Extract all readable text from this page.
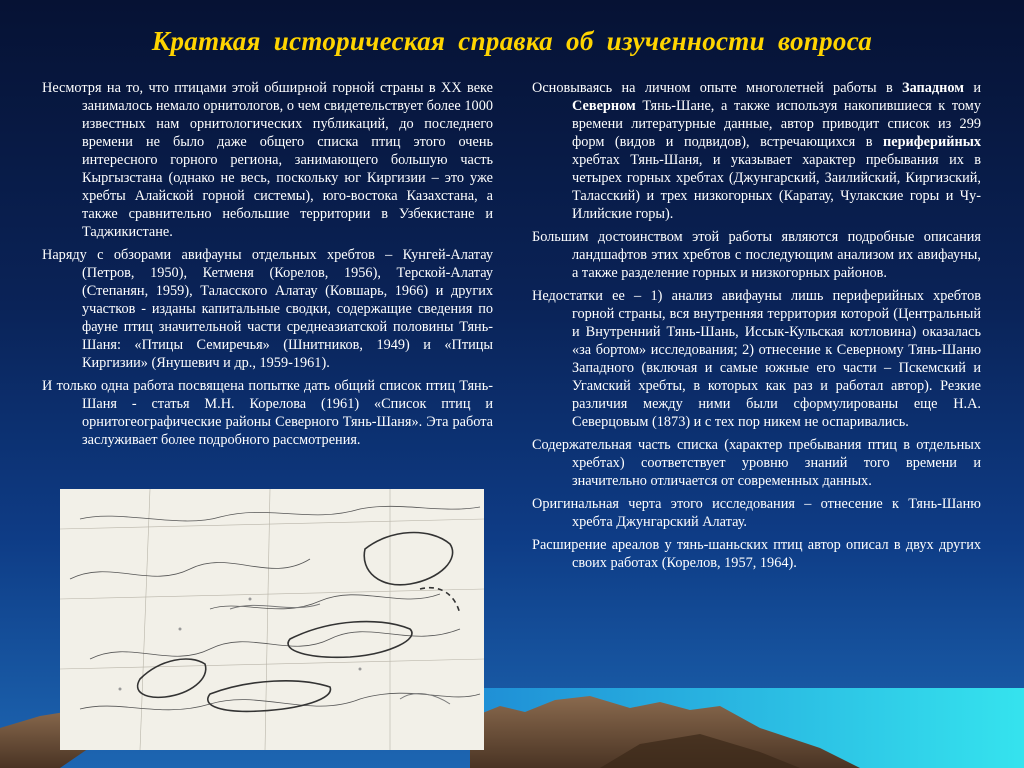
Краткая историческая справка об изученности вопроса

Несмотря на то, что птицами этой обширной горной страны в XX веке занималось немало орнитологов, о чем свидетельствует более 1000 известных нам орнитологических публикаций, до последнего времени не было даже общего списка птиц этого очень интересного горного региона, занимающего большую часть Кыргызстана (однако не весь, поскольку юг Киргизии – это уже хребты Алайской горной системы), юго-востока Казахстана, а также сравнительно небольшие территории в Узбекистане и Таджикистане.

Наряду с обзорами авифауны отдельных хребтов – Кунгей-Алатау (Петров, 1950), Кетменя (Корелов, 1956), Терской-Алатау (Степанян, 1959), Таласского Алатау (Ковшарь, 1966) и других участков - изданы капитальные сводки, содержащие сведения по фауне птиц значительной части среднеазиатской половины Тянь-Шаня: «Птицы Семиречья» (Шнитников, 1949) и «Птицы Киргизии» (Янушевич и др., 1959-1961).

И только одна работа посвящена попытке дать общий список птиц Тянь-Шаня - статья М.Н. Корелова (1961) «Список птиц и орнитогеографические районы Северного Тянь-Шаня». Эта работа заслуживает более подробного рассмотрения.

Основываясь на личном опыте многолетней работы в Западном и Северном Тянь-Шане, а также используя накопившиеся к тому времени литературные данные, автор приводит список из 299 форм (видов и подвидов), встречающихся в периферийных хребтах Тянь-Шаня, и указывает характер пребывания их в четырех горных хребтах (Джунгарский, Заилийский, Киргизский, Таласский) и трех низкогорных (Каратау, Чулакские горы и Чу-Илийские горы).

Большим достоинством этой работы являются подробные описания ландшафтов этих хребтов с последующим анализом их авифауны, а также разделение горных и низкогорных районов.

Недостатки ее – 1) анализ авифауны лишь периферийных хребтов горной страны, вся внутренняя территория которой (Центральный и Внутренний Тянь-Шань, Иссык-Кульская котловина) оказалась «за бортом» исследования; 2) отнесение к Северному Тянь-Шаню Западного (включая и самые южные его части – Пскемский и Угамский хребты, в которых как раз и работал автор). Резкие различия между ними были сформулированы еще Н.А. Северцовым (1873) и с тех пор никем не оспаривались.

Содержательная часть списка (характер пребывания птиц в отдельных хребтах) соответствует уровню знаний того времени и значительно отличается от современных данных.

Оригинальная черта этого исследования – отнесение к Тянь-Шаню хребта Джунгарский Алатау.

Расширение ареалов у тянь-шаньских птиц автор описал в двух других своих работах (Корелов, 1957, 1964).
